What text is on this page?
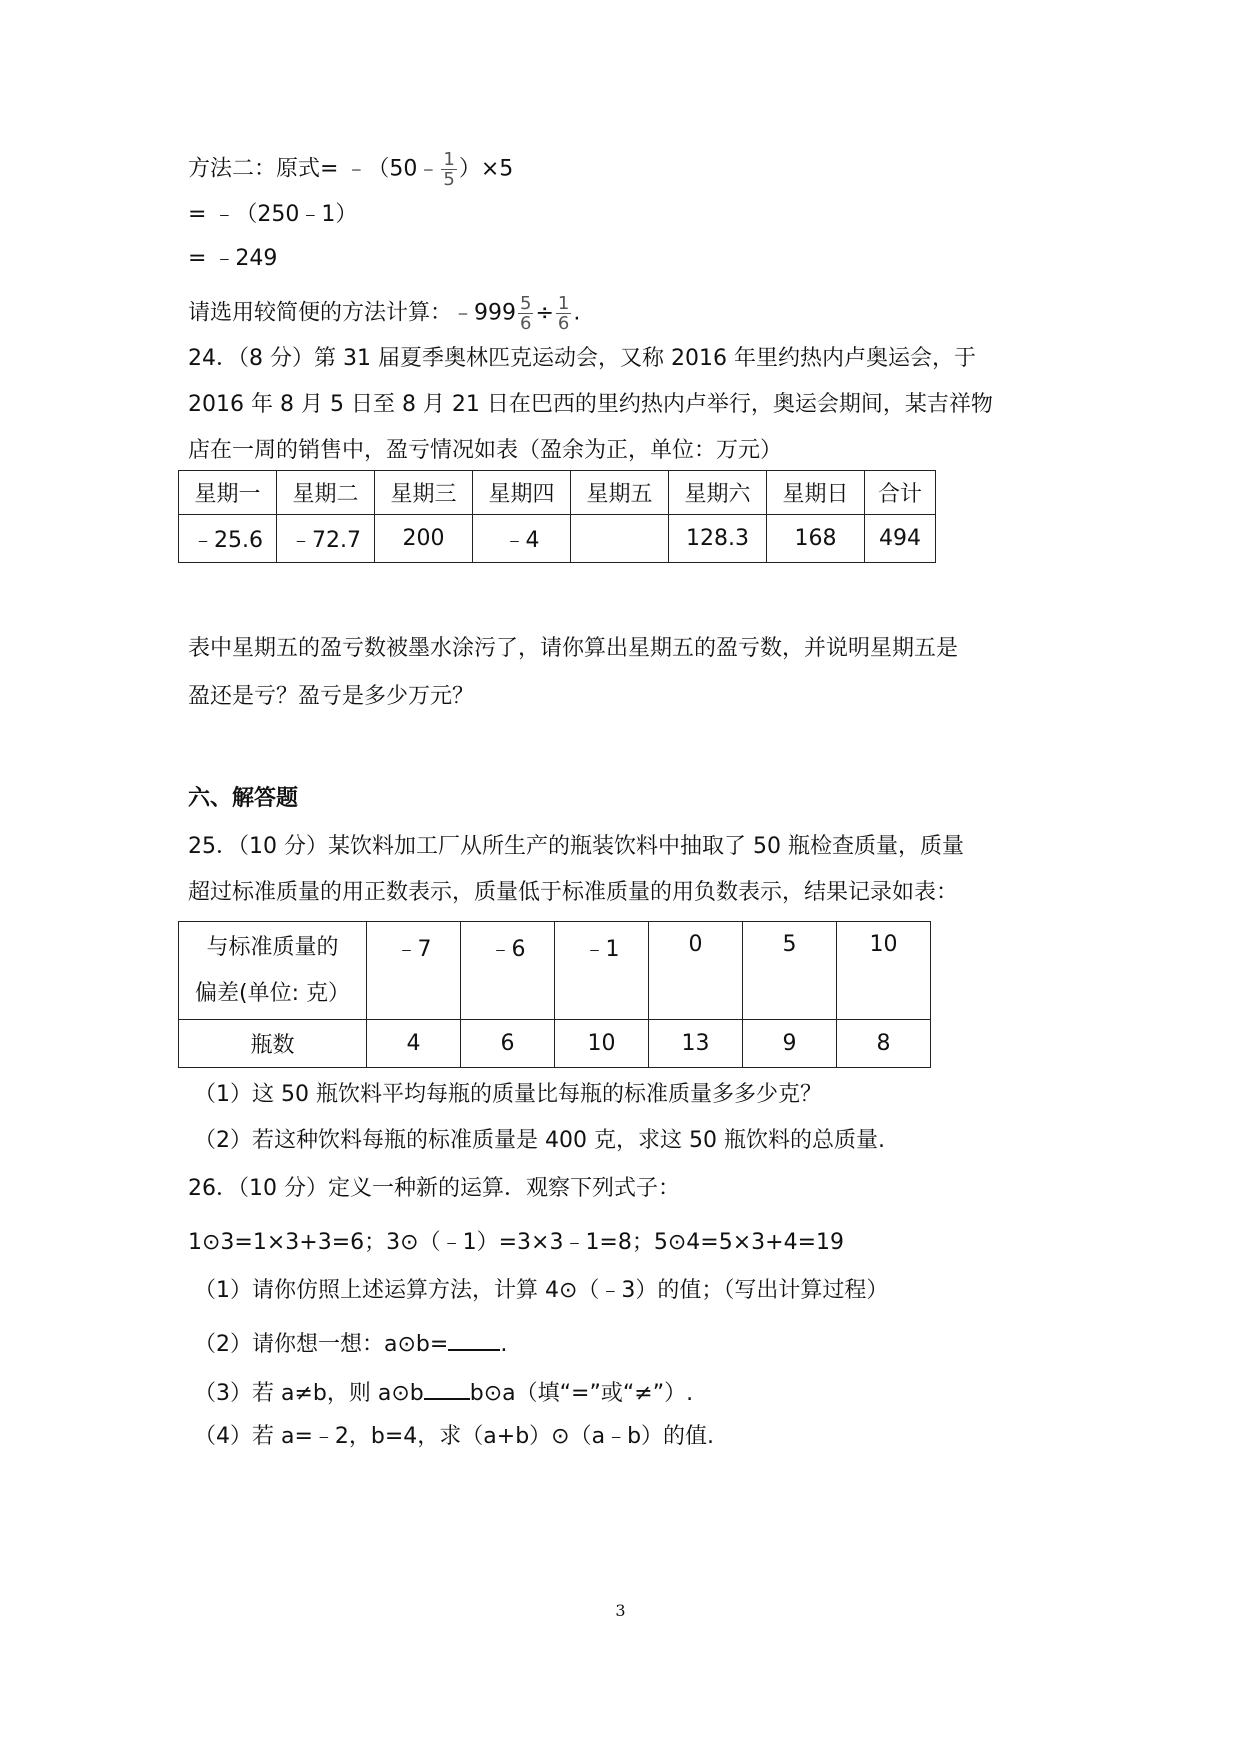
方法二：原式= ﹣（50﹣ $\frac{1}{5} )\times 5$
= ﹣（250﹣1）
= ﹣249
请选用较简便的方法计算：﹣999 $\frac{5}{6} \div \frac{1}{6}$ .
24．（8 分）第 31 届夏季奥林匹克运动会，又称 2016 年里约热内卢奥运会，于
2016 年 8 月 5 日至 8 月 21 日在巴西的里约热内卢举行，奥运会期间，某吉祥物
店在一周的销售中，盈亏情况如表（盈余为正，单位：万元）
星期一	星期二	星期三	星期四	星期五	星期六	星期日	合计
﹣25.6	﹣72.7	200	﹣4		128.3	168	494
表中星期五的盈亏数被墨水涂污了，请你算出星期五的盈亏数，并说明星期五是
盈还是亏？盈亏是多少万元？
六、解答题
25．（10 分）某饮料加工厂从所生产的瓶装饮料中抽取了 50 瓶检查质量，质量
超过标准质量的用正数表示，质量低于标准质量的用负数表示，结果记录如表：
与标准质量的
偏差(单位: 克）	﹣7	﹣6	﹣1	0	5	10
瓶数	4	6	10	13	9	8
（1）这 50 瓶饮料平均每瓶的质量比每瓶的标准质量多多少克？
（2）若这种饮料每瓶的标准质量是 400 克，求这 50 瓶饮料的总质量.
26．（10 分）定义一种新的运算．观察下列式子：
1⊙3=1×3+3=6；3⊙（﹣1）=3×3﹣1=8；5⊙4=5×3+4=19
（1）请你仿照上述运算方法，计算 4⊙（﹣3）的值；（写出计算过程）
（2）请你想一想：a⊙b= .
（3）若 a≠b，则 a⊙b b⊙a（填“=”或“≠”）.
（4）若 a=﹣2，b=4，求（a+b）⊙（a﹣b）的值.
3
